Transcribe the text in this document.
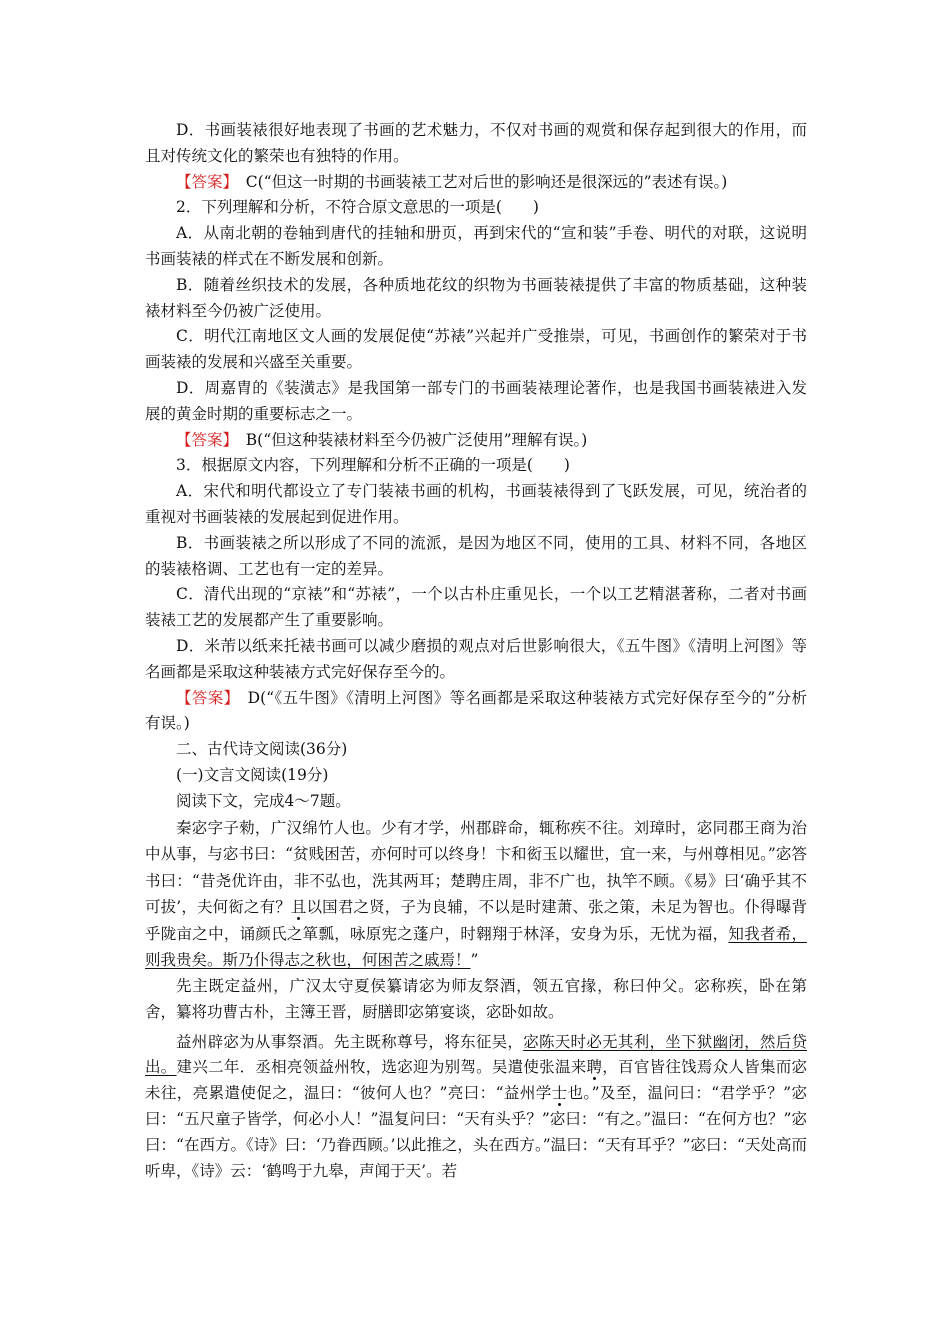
D．书画装裱很好地表现了书画的艺术魅力，不仅对书画的观赏和保存起到很大的作用，而且对传统文化的繁荣也有独特的作用。

【答案】　C(“但这一时期的书画装裱工艺对后世的影响还是很深远的”表述有误。)

2．下列理解和分析，不符合原文意思的一项是(　　)

A．从南北朝的卷轴到唐代的挂轴和册页，再到宋代的“宣和装”手卷、明代的对联，这说明书画装裱的样式在不断发展和创新。

B．随着丝织技术的发展，各种质地花纹的织物为书画装裱提供了丰富的物质基础，这种装裱材料至今仍被广泛使用。

C．明代江南地区文人画的发展促使“苏裱”兴起并广受推崇，可见，书画创作的繁荣对于书画装裱的发展和兴盛至关重要。

D．周嘉胄的《装潢志》是我国第一部专门的书画装裱理论著作，也是我国书画装裱进入发展的黄金时期的重要标志之一。

【答案】　B(“但这种装裱材料至今仍被广泛使用”理解有误。)

3．根据原文内容，下列理解和分析不正确的一项是(　　)

A．宋代和明代都设立了专门装裱书画的机构，书画装裱得到了飞跃发展，可见，统治者的重视对书画装裱的发展起到促进作用。

B．书画装裱之所以形成了不同的流派，是因为地区不同，使用的工具、材料不同，各地区的装裱格调、工艺也有一定的差异。

C．清代出现的“京裱”和“苏裱”，一个以古朴庄重见长，一个以工艺精湛著称，二者对书画装裱工艺的发展都产生了重要影响。

D．米芾以纸来托裱书画可以减少磨损的观点对后世影响很大，《五牛图》《清明上河图》等名画都是采取这种装裱方式完好保存至今的。

【答案】　D(“《五牛图》《清明上河图》等名画都是采取这种装裱方式完好保存至今的”分析有误。)

二、古代诗文阅读(36分)

(一)文言文阅读(19分)

阅读下文，完成4～7题。

秦宓字子勑，广汉绵竹人也。少有才学，州郡辟命，辄称疾不往。刘璋时，宓同郡王商为治中从事，与宓书曰：“贫贱困苦，亦何时可以终身！卞和衒玉以耀世，宜一来，与州尊相见。”宓答书曰：“昔尧优许由，非不弘也，洗其两耳；楚聘庄周，非不广也，执竿不顾。《易》曰‘确乎其不可拔’，夫何衒之有？且以国君之贤，子为良辅，不以是时建萧、张之策，未足为智也。仆得曝背乎陇亩之中，诵颜氏之箪瓢，咏原宪之蓬户，时翱翔于林泽，安身为乐，无忧为福，知我者希，则我贵矣。斯乃仆得志之秋也，何困苦之戚焉！”

先主既定益州，广汉太守夏侯纂请宓为师友祭酒，领五官掾，称曰仲父。宓称疾，卧在第舍，纂将功曹古朴，主簿王晋，厨膳即宓第宴谈，宓卧如故。

益州辟宓为从事祭酒。先主既称尊号，将东征吴，宓陈天时必无其利，坐下狱幽闭，然后贷出。建兴二年．丞相亮领益州牧，选宓迎为别驾。吴遣使张温来聘，百官皆往饯焉众人皆集而宓未往，亮累遣使促之，温曰：“彼何人也？”亮曰：“益州学士也。”及至，温问曰：“君学乎？”宓曰：“五尺童子皆学，何必小人！”温复问曰：“天有头乎？”宓曰：“有之。”温曰：“在何方也？”宓曰：“在西方。《诗》曰：‘乃眷西顾。’以此推之，头在西方。”温曰：“天有耳乎？”宓曰：“天处高而听卑，《诗》云：‘鹤鸣于九皋，声闻于天’。若
